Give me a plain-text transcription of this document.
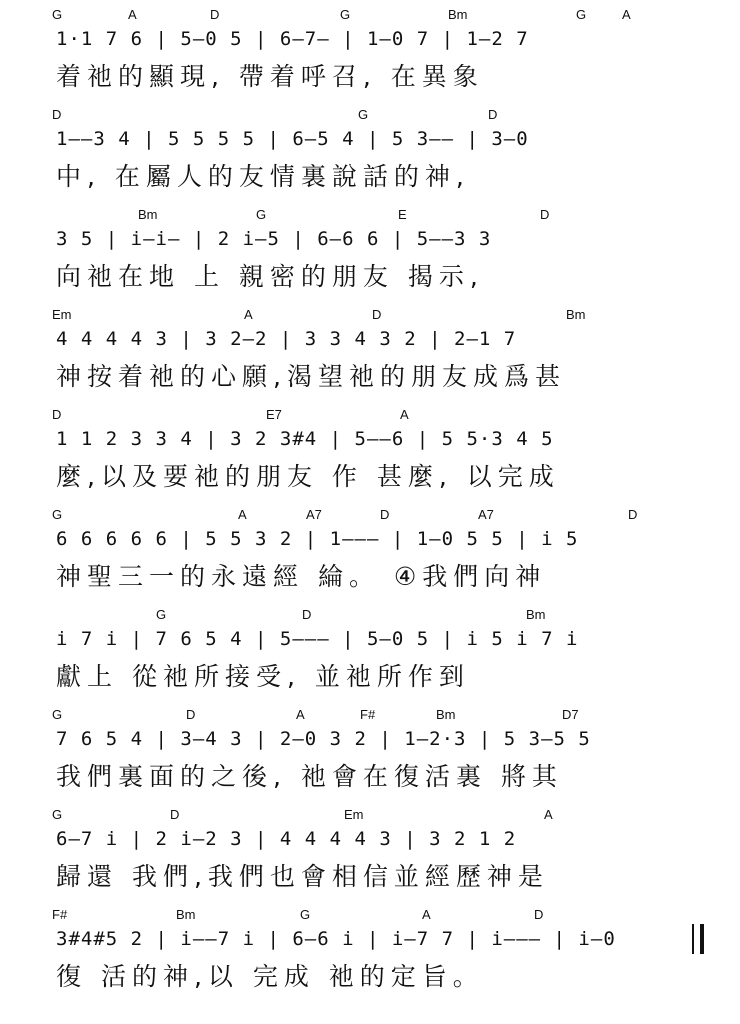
G	A	D	G	Bm	G	A
1·1 7 6 | 5—0 5 | 6—7— | 1—0 7 | 1—2 7
着祂的顯現, 帶着呼召, 在異象
D	G	D
1——3 4 | 5 5 5 5 | 6—5 4 | 5 3—— | 3—0
中, 在屬人的友情裏說話的神,
Bm	G	E	D
3 5 | i—i— | 2 i—5 | 6—6 6 | 5——3 3
向祂在地 上 親密的朋友 揭示,
Em	A	D	Bm
4 4 4 4 3 | 3 2—2 | 3 3 4 3 2 | 2—1 7
神按着祂的心願,渴望祂的朋友成爲甚
D	E7	A
1 1 2 3 3 4 | 3 2 3#4 | 5——6 | 5 5·3 4 5
麼,以及要祂的朋友 作 甚麼, 以完成
G	A	A7	D	A7	D
6 6 6 6 6 | 5 5 3 2 | 1——— | 1—0 5 5 | i 5
神聖三一的永遠經 綸。 ④我們向神
G	D	Bm
i 7 i | 7 6 5 4 | 5——— | 5—0 5 | i 5 i 7 i
獻上 從祂所接受, 並祂所作到
G	D	A	F#	Bm	D7
7 6 5 4 | 3—4 3 | 2—0 3 2 | 1—2·3 | 5 3—5 5
我們裏面的之後, 祂會在復活裏 將其
G	D	Em	A
6—7 i | 2 i—2 3 | 4 4 4 4 3 | 3 2 1 2
歸還 我們,我們也會相信並經歷神是
F#	Bm	G	A	D
3#4#5 2 | i——7 i | 6—6 i | i—7 7 | i——— | i—0
復 活的神,以 完成 祂的定旨。
